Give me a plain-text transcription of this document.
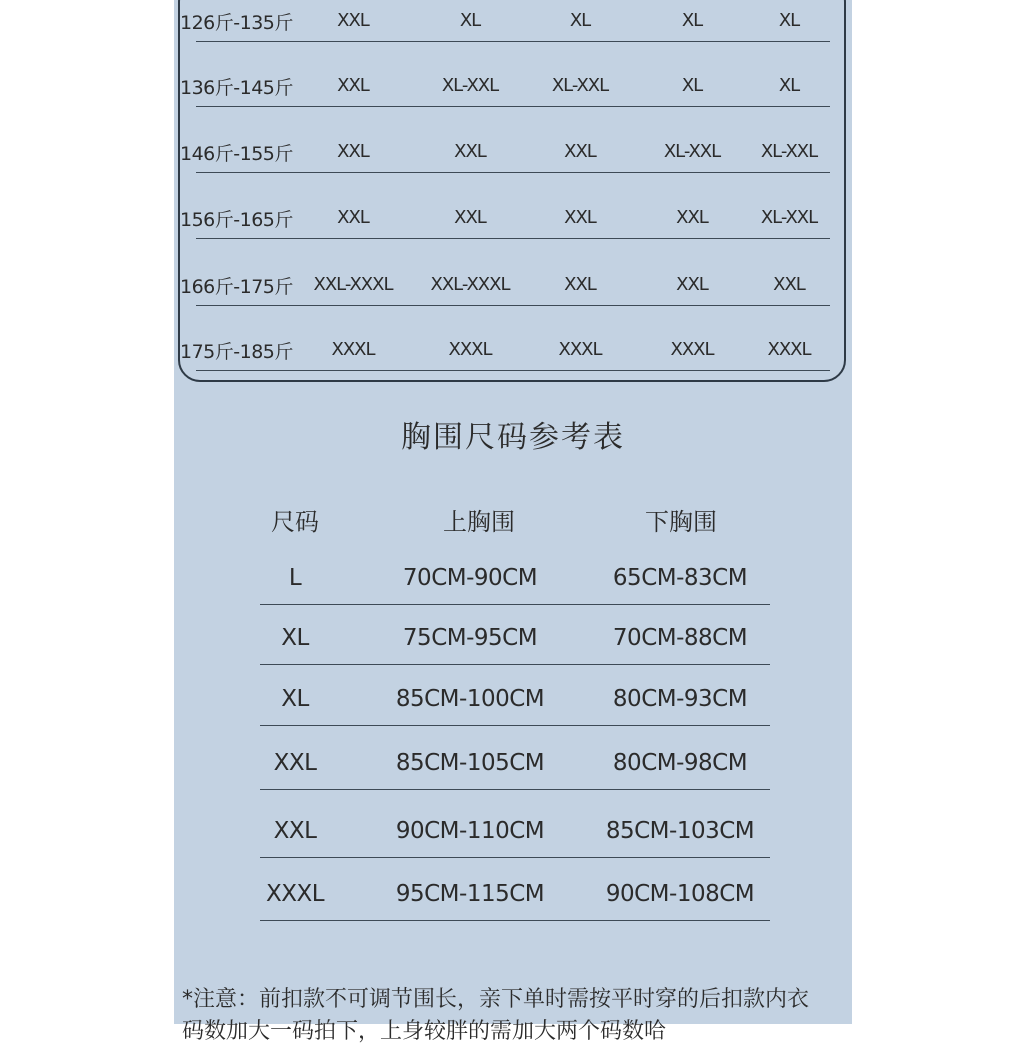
126斤-135斤	XXL	XL	XL	XL	XL
136斤-145斤	XXL	XL-XXL	XL-XXL	XL	XL
146斤-155斤	XXL	XXL	XXL	XL-XXL	XL-XXL
156斤-165斤	XXL	XXL	XXL	XXL	XL-XXL
166斤-175斤	XXL-XXXL	XXL-XXXL	XXL	XXL	XXL
175斤-185斤	XXXL	XXXL	XXXL	XXXL	XXXL
胸围尺码参考表
尺码	上胸围	下胸围
L	70CM-90CM	65CM-83CM
XL	75CM-95CM	70CM-88CM
XL	85CM-100CM	80CM-93CM
XXL	85CM-105CM	80CM-98CM
XXL	90CM-110CM	85CM-103CM
XXXL	95CM-115CM	90CM-108CM
*注意：前扣款不可调节围长，亲下单时需按平时穿的后扣款内衣
码数加大一码拍下，上身较胖的需加大两个码数哈
